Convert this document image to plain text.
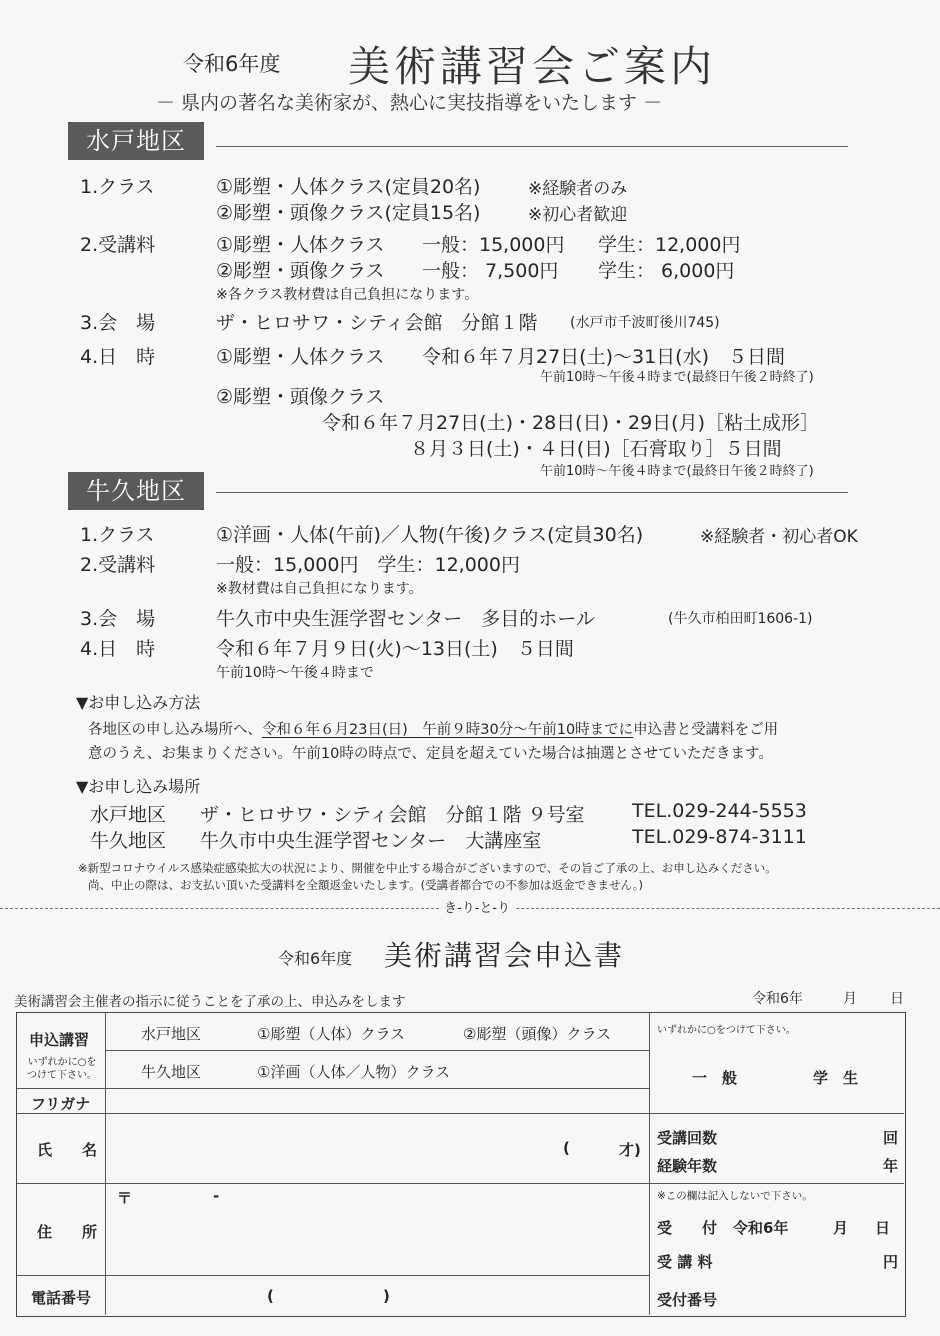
令和6年度 美術講習会ご案内
－ 県内の著名な美術家が、熱心に実技指導をいたします －
水戸地区
1.クラス	①彫塑・人体クラス(定員20名)	※経験者のみ
②彫塑・頭像クラス(定員15名)	※初心者歓迎
2.受講料	①彫塑・人体クラス 一般：15,000円 学生：12,000円
②彫塑・頭像クラス 一般： 7,500円 学生： 6,000円
※各クラス教材費は自己負担になります。
3.会　場	ザ・ヒロサワ・シティ会館　分館１階 (水戸市千波町後川745)
4.日　時	①彫塑・人体クラス 令和６年７月27日(土)～31日(水)　５日間
午前10時～午後４時まで(最終日午後２時終了)
②彫塑・頭像クラス
令和６年７月27日(土)・28日(日)・29日(月)［粘土成形］
８月３日(土)・４日(日)［石膏取り］５日間
午前10時～午後４時まで(最終日午後２時終了)
牛久地区
1.クラス	①洋画・人体(午前)／人物(午後)クラス(定員30名)	※経験者・初心者OK
2.受講料	一般：15,000円　学生：12,000円
※教材費は自己負担になります。
3.会　場	牛久市中央生涯学習センター　多目的ホール	(牛久市柏田町1606-1)
4.日　時	令和６年７月９日(火)～13日(土)　５日間
午前10時～午後４時まで
▼お申し込み方法
各地区の申し込み場所へ、令和６年６月23日(日)　午前９時30分～午前10時までに申込書と受講料をご用
意のうえ、お集まりください。午前10時の時点で、定員を超えていた場合は抽選とさせていただきます。
▼お申し込み場所
水戸地区 ザ・ヒロサワ・シティ会館　分館１階 ９号室 TEL.029-244-5553
牛久地区 牛久市中央生涯学習センター　大講座室	TEL.029-874-3111
※新型コロナウイルス感染症感染拡大の状況により、開催を中止する場合がございますので、その旨ご了承の上、お申し込みください。
尚、中止の際は、お支払い頂いた受講料を全額返金いたします。(受講者都合での不参加は返金できません。)
き-り-と-り
令和6年度 美術講習会申込書
美術講習会主催者の指示に従うことを了承の上、申込みをします	令和6年	月 日
申込講習
いずれかに○を
つけて下さい。
水戸地区	①彫塑（人体）クラス	②彫塑（頭像）クラス
牛久地区	①洋画（人体／人物）クラス
いずれかに○をつけて下さい。
一　般	学　生
フリガナ
氏　　名	(	才)
受講回数	回
経験年数	年
住　　所
〒	-
電話番号	(	)
※この欄は記入しないで下さい。
受　　付 令和6年	月 日
受 講 料	円
受付番号
